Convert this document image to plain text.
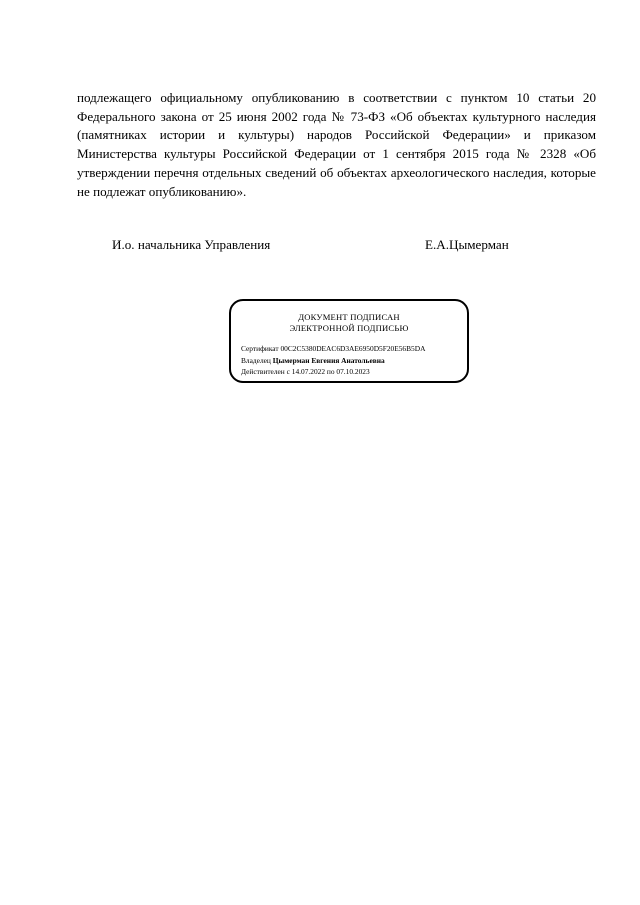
подлежащего официальному опубликованию в соответствии с пунктом 10 статьи 20 Федерального закона от 25 июня 2002 года № 73-ФЗ «Об объектах культурного наследия (памятниках истории и культуры) народов Российской Федерации» и приказом Министерства культуры Российской Федерации от 1 сентября 2015 года № 2328 «Об утверждении перечня отдельных сведений об объектах археологического наследия, которые не подлежат опубликованию».

И.о. начальника Управления	Е.А.Цымерман
ДОКУМЕНТ ПОДПИСАН
ЭЛЕКТРОННОЙ ПОДПИСЬЮ
Сертификат 00C2C5380DEAC6D3AE6950D5F20E56B5DA
Владелец Цымерман Евгения Анатольевна
Действителен с 14.07.2022 по 07.10.2023
